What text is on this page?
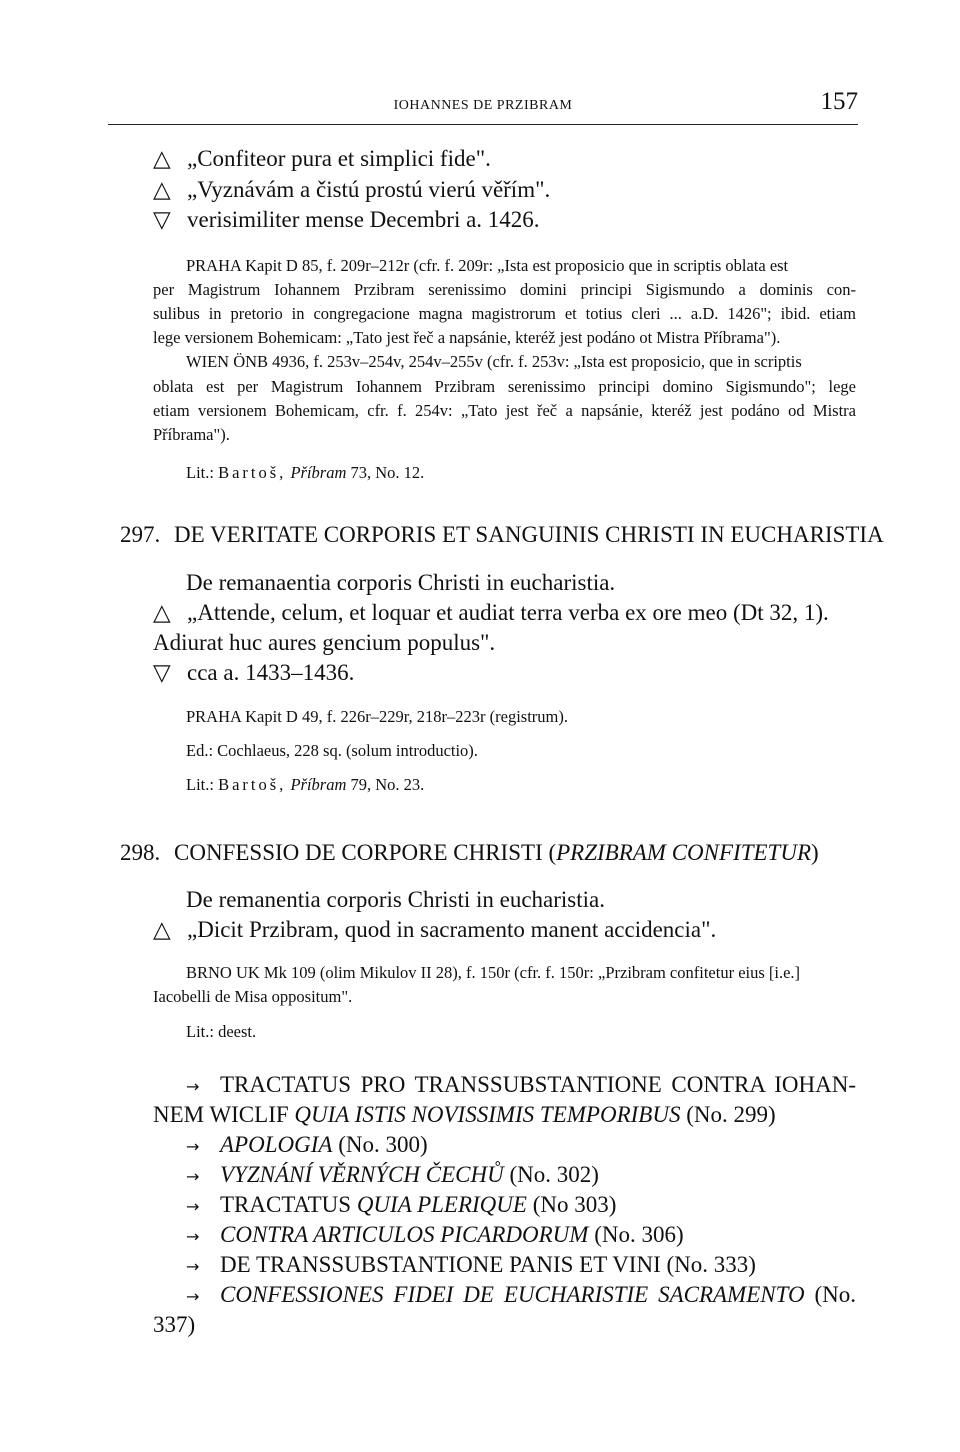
IOHANNES DE PRZIBRAM	157
△ „Confiteor pura et simplici fide".
△ „Vyznávám a čistú prostú vierú věřím".
▽ verisimiliter mense Decembri a. 1426.
PRAHA Kapit D 85, f. 209r–212r (cfr. f. 209r: „Ista est proposicio que in scriptis oblata est
per Magistrum Iohannem Przibram serenissimo domini principi Sigismundo a dominis con-
sulibus in pretorio in congregacione magna magistrorum et totius cleri ... a.D. 1426"; ibid. etiam
lege versionem Bohemicam: „Tato jest řeč a napsánie, kteréž jest podáno ot Mistra Příbrama").
WIEN ÖNB 4936, f. 253v–254v, 254v–255v (cfr. f. 253v: „Ista est proposicio, que in scriptis
oblata est per Magistrum Iohannem Przibram serenissimo principi domino Sigismundo"; lege
etiam versionem Bohemicam, cfr. f. 254v: „Tato jest řeč a napsánie, kteréž jest podáno od Mistra
Příbrama").
Lit.: Bartoš, Příbram 73, No. 12.
297. DE VERITATE CORPORIS ET SANGUINIS CHRISTI IN EUCHARISTIA
De remanaentia corporis Christi in eucharistia.
△ „Attende, celum, et loquar et audiat terra verba ex ore meo (Dt 32, 1).
Adiurat huc aures gencium populus".
▽ cca a. 1433–1436.
PRAHA Kapit D 49, f. 226r–229r, 218r–223r (registrum).
Ed.: Cochlaeus, 228 sq. (solum introductio).
Lit.: Bartoš, Příbram 79, No. 23.
298. CONFESSIO DE CORPORE CHRISTI (PRZIBRAM CONFITETUR)
De remanentia corporis Christi in eucharistia.
△ „Dicit Przibram, quod in sacramento manent accidencia".
BRNO UK Mk 109 (olim Mikulov II 28), f. 150r (cfr. f. 150r: „Przibram confitetur eius [i.e.]
Iacobelli de Misa oppositum".
Lit.: deest.
→ TRACTATUS PRO TRANSSUBSTANTIONE CONTRA IOHAN-
NEM WICLIF QUIA ISTIS NOVISSIMIS TEMPORIBUS (No. 299)
→ APOLOGIA (No. 300)
→ VYZNÁNÍ VĚRNÝCH ČECHŮ (No. 302)
→ TRACTATUS QUIA PLERIQUE (No 303)
→ CONTRA ARTICULOS PICARDORUM (No. 306)
→ DE TRANSSUBSTANTIONE PANIS ET VINI (No. 333)
→ CONFESSIONES FIDEI DE EUCHARISTIE SACRAMENTO (No.
337)
